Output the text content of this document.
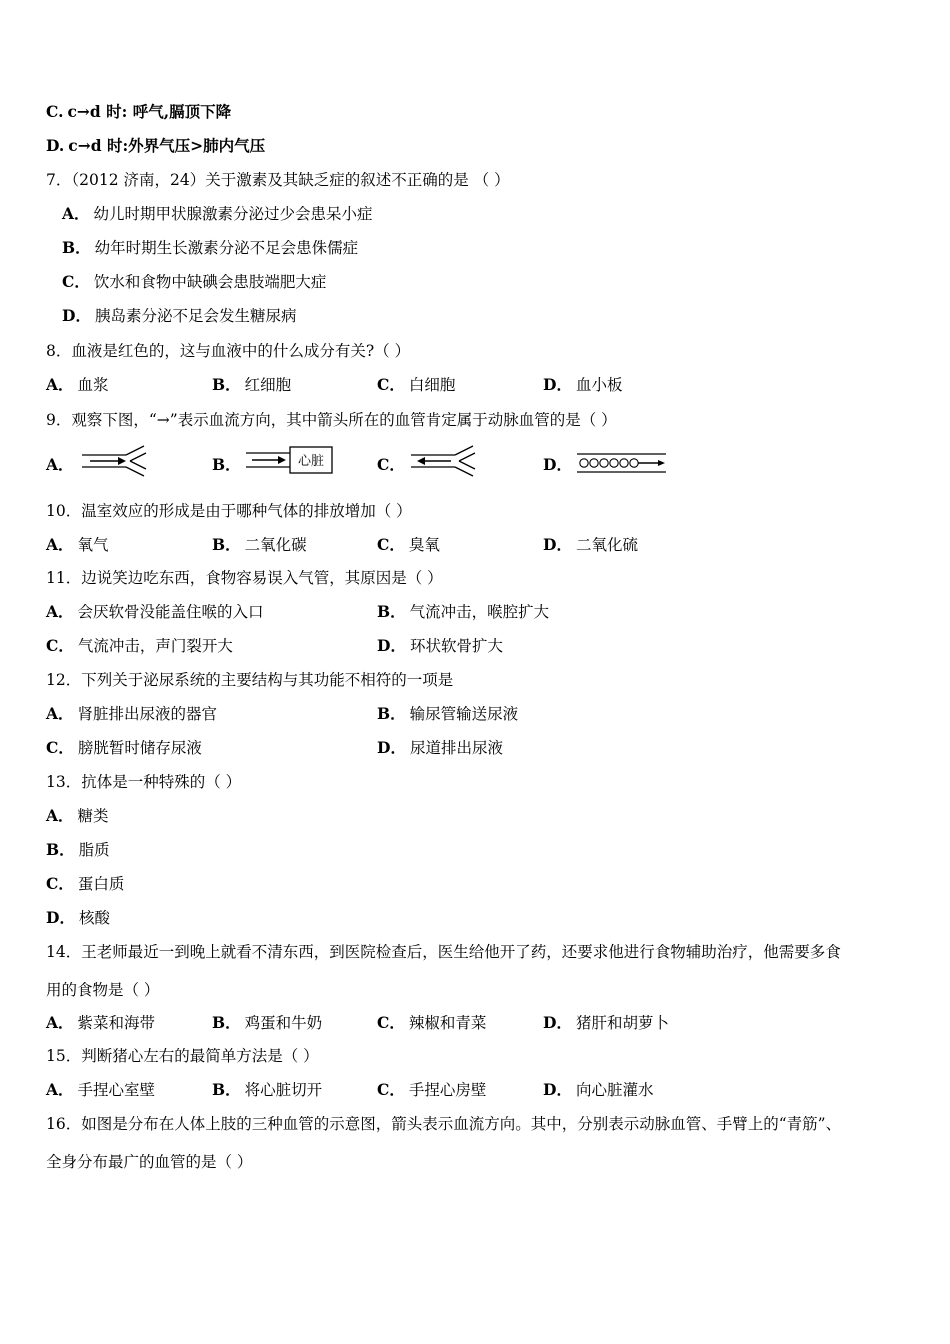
C. c→d 时: 呼气,膈顶下降
D. c→d 时:外界气压>肺内气压
7．（2012 济南，24）关于激素及其缺乏症的叙述不正确的是 （ ）
A． 幼儿时期甲状腺激素分泌过少会患呆小症
B． 幼年时期生长激素分泌不足会患侏儒症
C． 饮水和食物中缺碘会患肢端肥大症
D． 胰岛素分泌不足会发生糖尿病
8．血液是红色的，这与血液中的什么成分有关?（ ）
A． 血浆	B． 红细胞	C． 白细胞	D． 血小板
9．观察下图，“→”表示血流方向，其中箭头所在的血管肯定属于动脉血管的是（ ）
A．	B．	心脏	C．	D．
10．温室效应的形成是由于哪种气体的排放增加（ ）
A． 氧气	B． 二氧化碳	C． 臭氧	D． 二氧化硫
11．边说笑边吃东西，食物容易误入气管，其原因是（ ）
A． 会厌软骨没能盖住喉的入口	B． 气流冲击，喉腔扩大
C． 气流冲击，声门裂开大	D． 环状软骨扩大
12．下列关于泌尿系统的主要结构与其功能不相符的一项是
A． 肾脏排出尿液的器官	B． 输尿管输送尿液
C． 膀胱暂时储存尿液	D． 尿道排出尿液
13．抗体是一种特殊的（ ）
A． 糖类
B． 脂质
C． 蛋白质
D． 核酸
14．王老师最近一到晚上就看不清东西，到医院检查后，医生给他开了药，还要求他进行食物辅助治疗，他需要多食
用的食物是（ ）
A． 紫菜和海带	B． 鸡蛋和牛奶	C． 辣椒和青菜	D． 猪肝和胡萝卜
15．判断猪心左右的最简单方法是（ ）
A． 手捏心室壁	B． 将心脏切开	C． 手捏心房壁	D． 向心脏灌水
16．如图是分布在人体上肢的三种血管的示意图，箭头表示血流方向。其中，分别表示动脉血管、手臂上的“青筋”、
全身分布最广的血管的是（ ）
